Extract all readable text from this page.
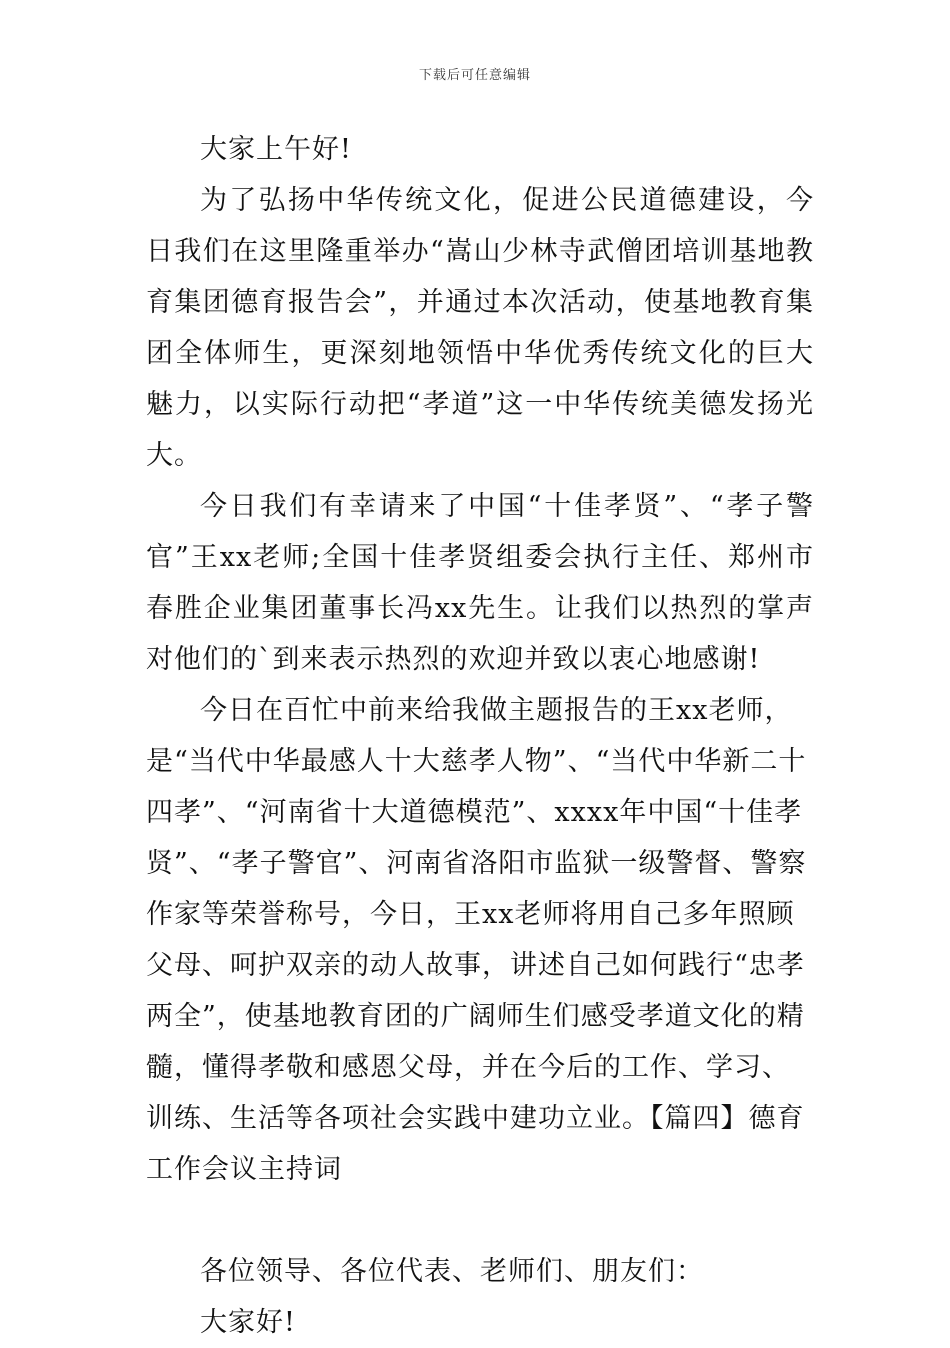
下载后可任意编辑

大家上午好!

为了弘扬中华传统文化，促进公民道德建设，今日我们在这里隆重举办“嵩山少林寺武僧团培训基地教育集团德育报告会”，并通过本次活动，使基地教育集团全体师生，更深刻地领悟中华优秀传统文化的巨大魅力，以实际行动把“孝道”这一中华传统美德发扬光大。

今日我们有幸请来了中国“十佳孝贤”、“孝子警官”王xx老师;全国十佳孝贤组委会执行主任、郑州市春胜企业集团董事长冯xx先生。让我们以热烈的掌声对他们的`到来表示热烈的欢迎并致以衷心地感谢!

今日在百忙中前来给我做主题报告的王xx老师，是“当代中华最感人十大慈孝人物”、“当代中华新二十四孝”、“河南省十大道德模范”、xxxx年中国“十佳孝贤”、“孝子警官”、河南省洛阳市监狱一级警督、警察作家等荣誉称号，今日，王xx老师将用自己多年照顾父母、呵护双亲的动人故事，讲述自己如何践行“忠孝两全”，使基地教育团的广阔师生们感受孝道文化的精髓，懂得孝敬和感恩父母，并在今后的工作、学习、训练、生活等各项社会实践中建功立业。【篇四】德育工作会议主持词

各位领导、各位代表、老师们、朋友们：

大家好!
